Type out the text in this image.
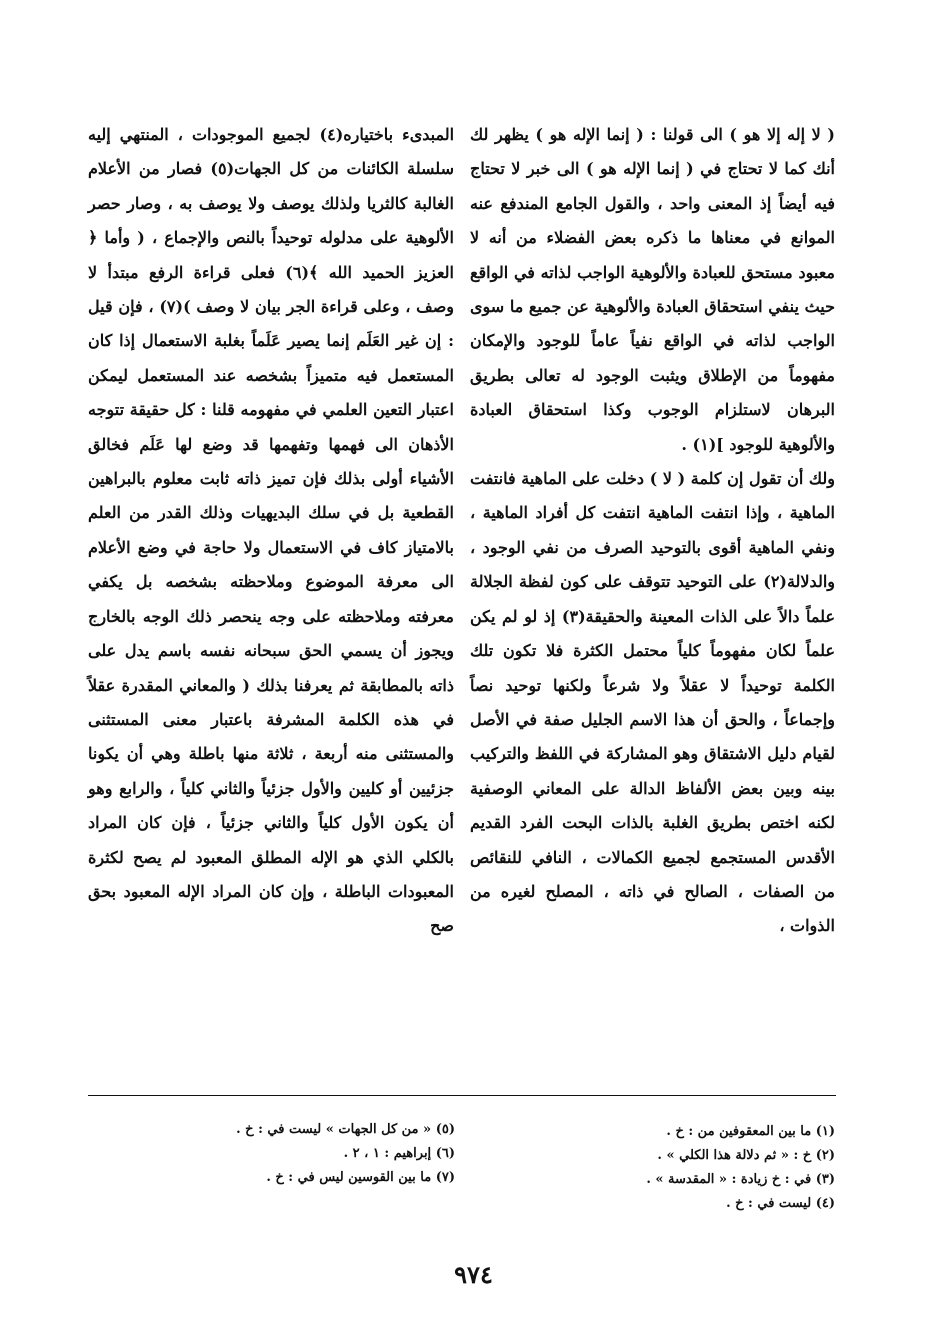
( لا إله إلا هو ) الى قولنا : ( إنما الإله هو ) يظهر لك أنك كما لا تحتاج في ( إنما الإله هو ) الى خبر لا تحتاج فيه أيضاً إذ المعنى واحد ، والقول الجامع المندفع عنه الموانع في معناها ما ذكره بعض الفضلاء من أنه لا معبود مستحق للعبادة والألوهية الواجب لذاته في الواقع حيث ينفي استحقاق العبادة والألوهية عن جميع ما سوى الواجب لذاته في الواقع نفياً عاماً للوجود والإمكان مفهوماً من الإطلاق ويثبت الوجود له تعالى بطريق البرهان لاستلزام الوجوب وكذا استحقاق العبادة والألوهية للوجود ](١) .

ولك أن تقول إن كلمة ( لا ) دخلت على الماهية فانتفت الماهية ، وإذا انتفت الماهية انتفت كل أفراد الماهية ، ونفي الماهية أقوى بالتوحيد الصرف من نفي الوجود ، والدلالة(٢) على التوحيد تتوقف على كون لفظة الجلالة علماً دالاً على الذات المعينة والحقيقة(٣) إذ لو لم يكن علماً لكان مفهوماً كلياً محتمل الكثرة فلا تكون تلك الكلمة توحيداً لا عقلاً ولا شرعاً ولكنها توحيد نصاً وإجماعاً ، والحق أن هذا الاسم الجليل صفة في الأصل لقيام دليل الاشتقاق وهو المشاركة في اللفظ والتركيب بينه وبين بعض الألفاظ الدالة على المعاني الوصفية لكنه اختص بطريق الغلبة بالذات البحت الفرد القديم الأقدس المستجمع لجميع الكمالات ، النافي للنقائص من الصفات ، الصالح في ذاته ، المصلح لغيره من الذوات ،

المبدىء باختياره(٤) لجميع الموجودات ، المنتهي إليه سلسلة الكائنات من كل الجهات(٥) فصار من الأعلام الغالبة كالثريا ولذلك يوصف ولا يوصف به ، وصار حصر الألوهية على مدلوله توحيداً بالنص والإجماع ، ( وأما ﴿ العزيز الحميد الله ﴾(٦) فعلى قراءة الرفع مبتدأ لا وصف ، وعلى قراءة الجر بيان لا وصف )(٧) ، فإن قيل : إن غير العَلَم إنما يصير عَلَماً بغلبة الاستعمال إذا كان المستعمل فيه متميزاً بشخصه عند المستعمل ليمكن اعتبار التعين العلمي في مفهومه قلنا : كل حقيقة تتوجه الأذهان الى فهمها وتفهمها قد وضع لها عَلَم فخالق الأشياء أولى بذلك فإن تميز ذاته ثابت معلوم بالبراهين القطعية بل في سلك البديهيات وذلك القدر من العلم بالامتياز كاف في الاستعمال ولا حاجة في وضع الأعلام الى معرفة الموضوع وملاحظته بشخصه بل يكفي معرفته وملاحظته على وجه ينحصر ذلك الوجه بالخارج ويجوز أن يسمي الحق سبحانه نفسه باسم يدل على ذاته بالمطابقة ثم يعرفنا بذلك ( والمعاني المقدرة عقلاً في هذه الكلمة المشرفة باعتبار معنى المستثنى والمستثنى منه أربعة ، ثلاثة منها باطلة وهي أن يكونا جزئيين أو كليين والأول جزئياً والثاني كلياً ، والرابع وهو أن يكون الأول كلياً والثاني جزئياً ، فإن كان المراد بالكلي الذي هو الإله المطلق المعبود لم يصح لكثرة المعبودات الباطلة ، وإن كان المراد الإله المعبود بحق صح

(١) ما بين المعقوفين من : خ .
(٢) خ : « ثم دلالة هذا الكلي » .
(٣) في : خ زيادة : « المقدسة » .
(٤) ليست في : خ .
(٥) « من كل الجهات » ليست في : خ .
(٦) إبراهيم : ١ ، ٢ .
(٧) ما بين القوسين ليس في : خ .
٩٧٤
